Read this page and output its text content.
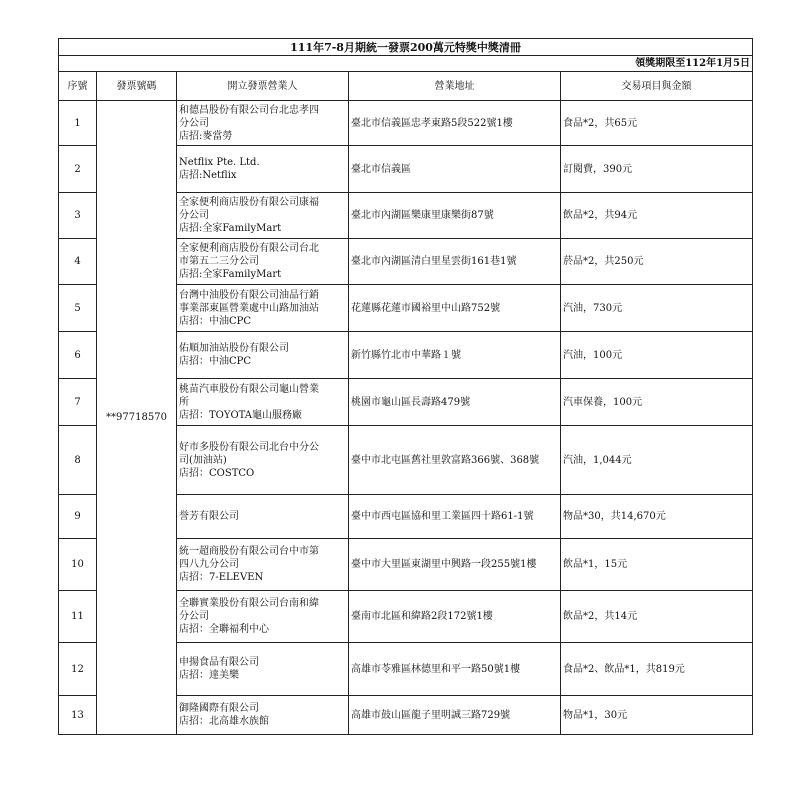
111年7-8月期統一發票200萬元特獎中獎清冊				
領獎期限至112年1月5日				
序號	發票號碼	開立發票營業人	營業地址	交易項目與金額
1	**97718570	和德昌股份有限公司台北忠孝四
分公司
店招:麥當勞	臺北市信義區忠孝東路5段522號1樓	食品*2，共65元
2		Netflix Pte. Ltd.
店招:Netflix	臺北市信義區	訂閱費，390元
3		全家便利商店股份有限公司康福
分公司
店招:全家FamilyMart	臺北市內湖區樂康里康樂街87號	飲品*2，共94元
4		全家便利商店股份有限公司台北
市第五二三分公司
店招:全家FamilyMart	臺北市內湖區清白里星雲街161巷1號	菸品*2，共250元
5		台灣中油股份有限公司油品行銷
事業部東區營業處中山路加油站
店招：中油CPC	花蓮縣花蓮市國裕里中山路752號	汽油，730元
6		佑順加油站股份有限公司
店招：中油CPC	新竹縣竹北市中華路１號	汽油，100元
7		桃苗汽車股份有限公司龜山營業
所
店招：TOYOTA龜山服務廠	桃園市龜山區長壽路479號	汽車保養，100元
8		好市多股份有限公司北台中分公
司(加油站)
店招：COSTCO	臺中市北屯區舊社里敦富路366號、368號	汽油，1,044元
9		誉芳有限公司	臺中市西屯區協和里工業區四十路61-1號	物品*30，共14,670元
10		統一超商股份有限公司台中市第
四八九分公司
店招：7-ELEVEN	臺中市大里區東湖里中興路一段255號1樓	飲品*1，15元
11		全聯實業股份有限公司台南和緯
分公司
店招：全聯福利中心	臺南市北區和緯路2段172號1樓	飲品*2，共14元
12		申揚食品有限公司
店招：達美樂	高雄市苓雅區林德里和平一路50號1樓	食品*2、飲品*1，共819元
13		御隆國際有限公司
店招：北高雄水族館	高雄市鼓山區龍子里明誠三路729號	物品*1，30元
